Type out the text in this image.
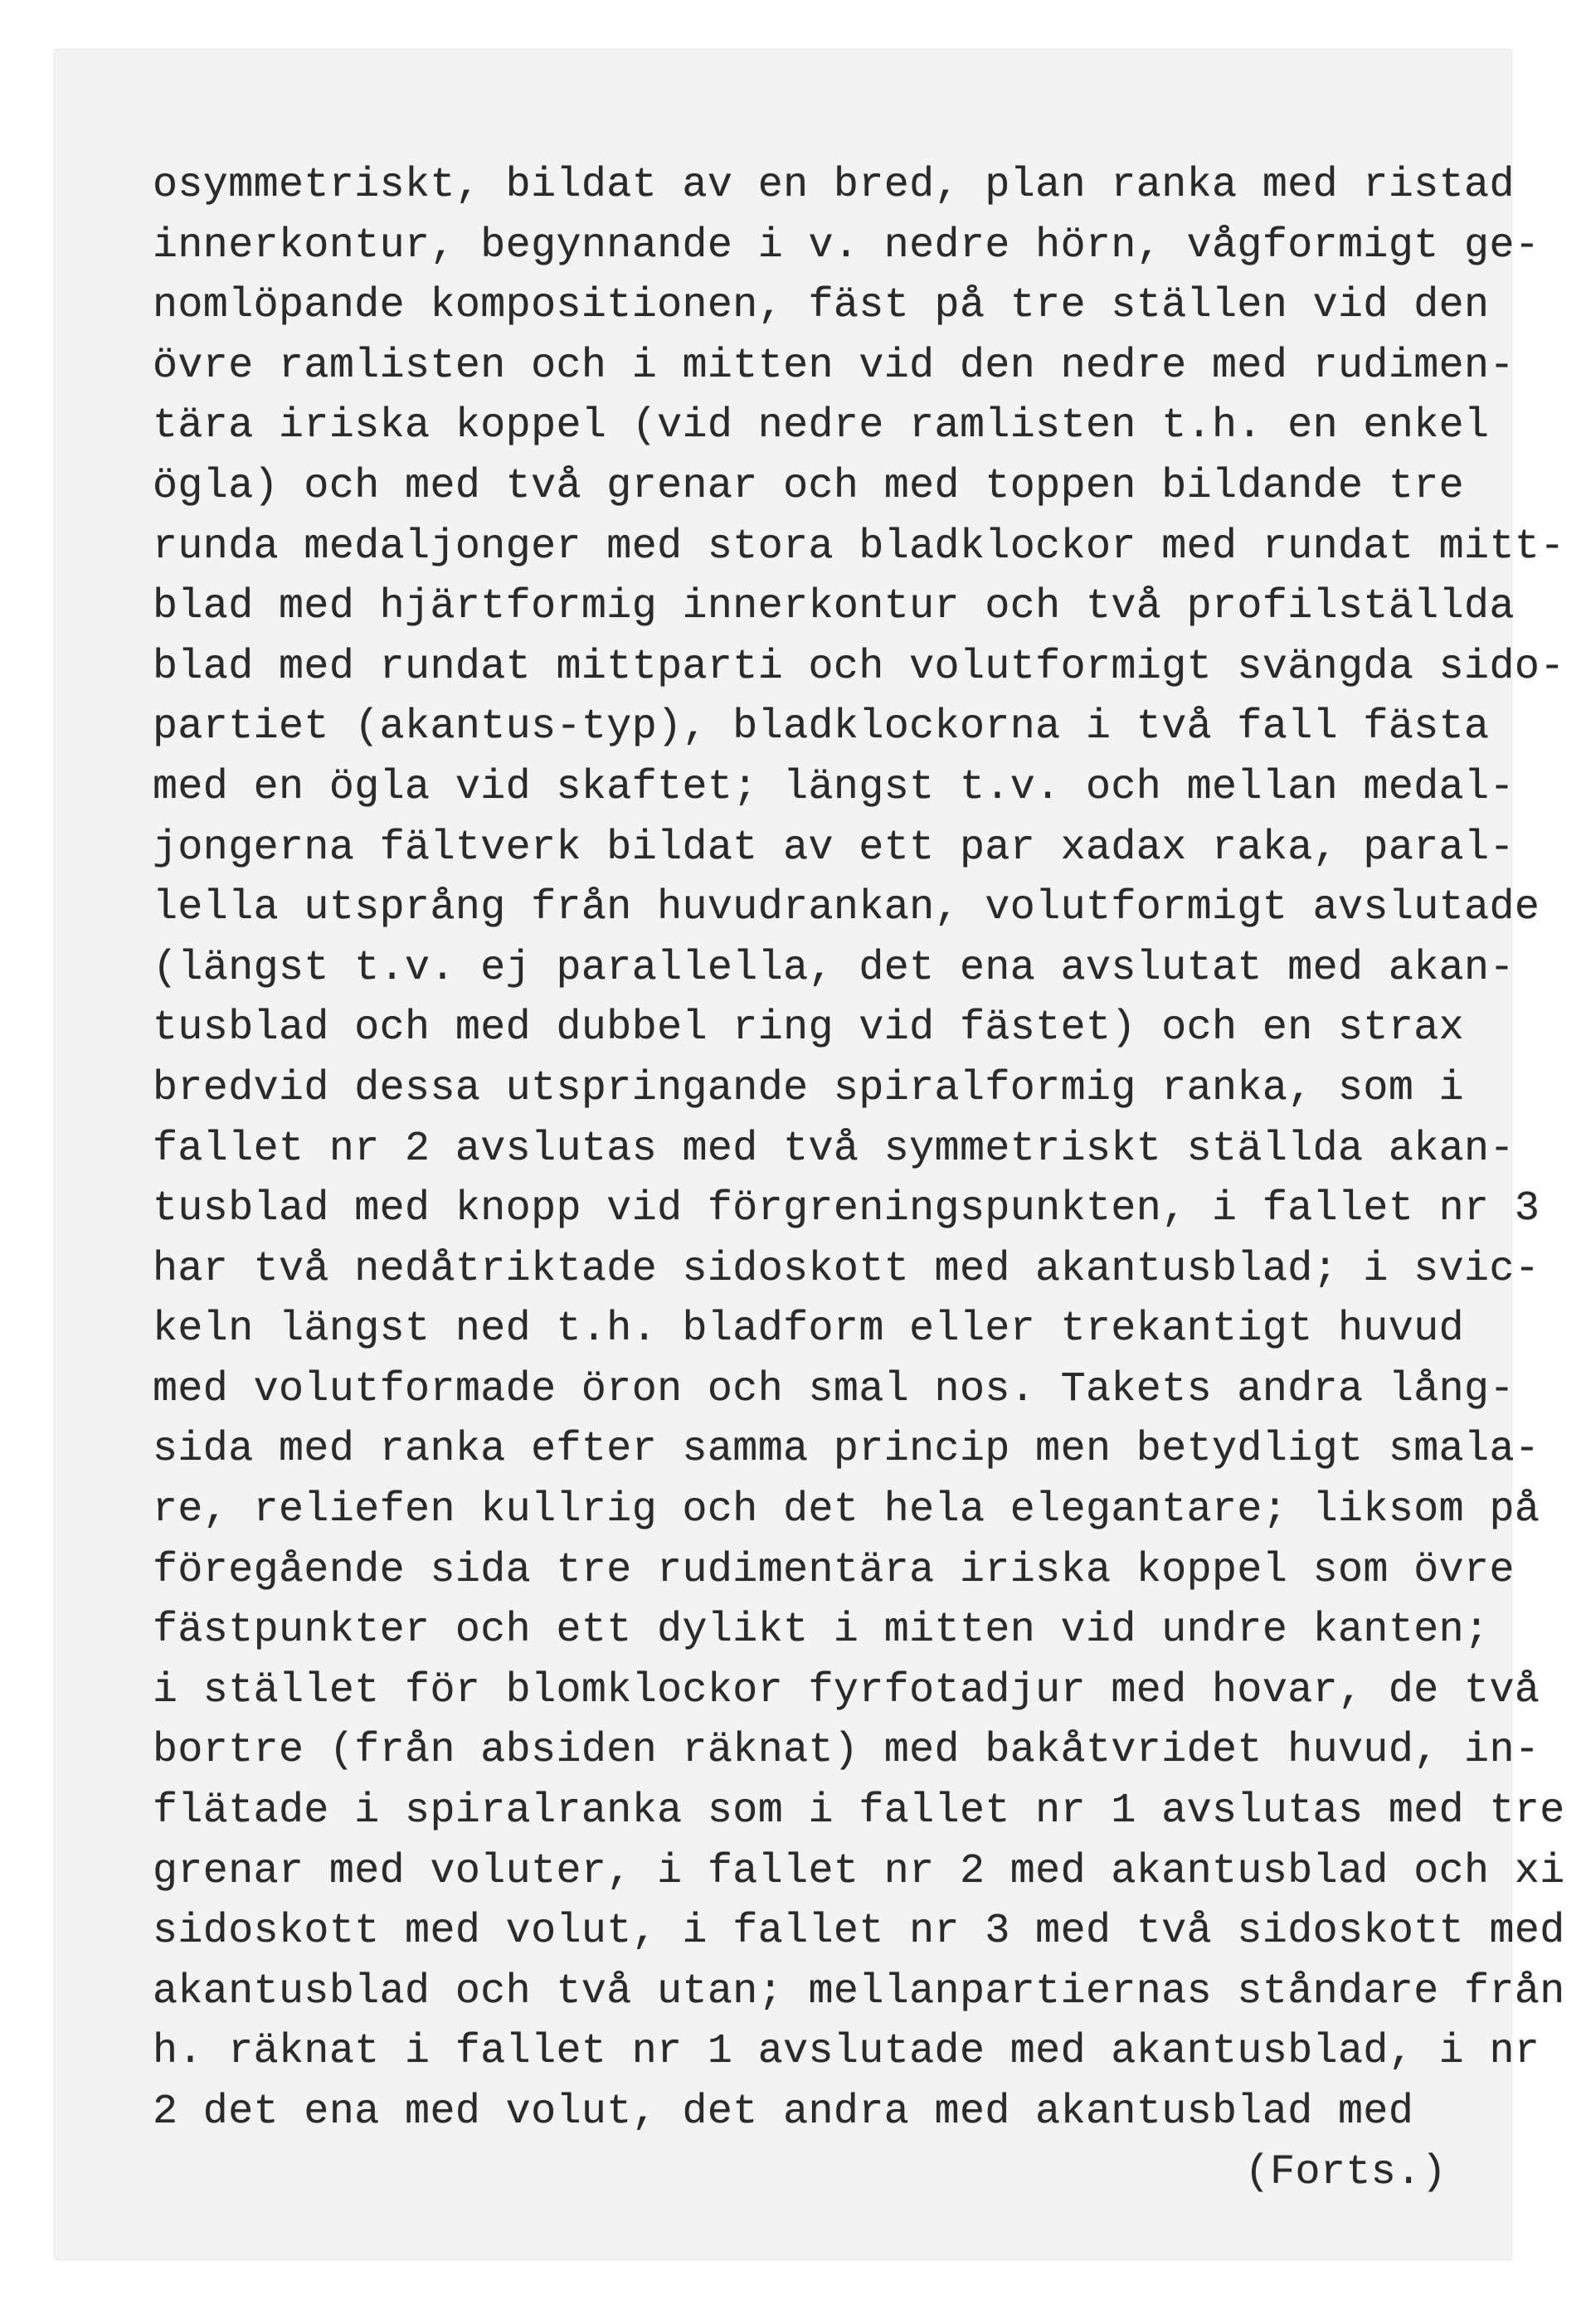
osymmetriskt, bildat av en bred, plan ranka med ristad
innerkontur, begynnande i v. nedre hörn, vågformigt ge-
nomlöpande kompositionen, fäst på tre ställen vid den
övre ramlisten och i mitten vid den nedre med rudimen-
tära iriska koppel (vid nedre ramlisten t.h. en enkel
ögla) och med två grenar och med toppen bildande tre
runda medaljonger med stora bladklockor med rundat mitt-
blad med hjärtformig innerkontur och två profilställda
blad med rundat mittparti och volutformigt svängda sido-
partiet (akantus-typ), bladklockorna i två fall fästa
med en ögla vid skaftet; längst t.v. och mellan medal-
jongerna fältverk bildat av ett par xadax raka, paral-
lella utsprång från huvudrankan, volutformigt avslutade
(längst t.v. ej parallella, det ena avslutat med akan-
tusblad och med dubbel ring vid fästet) och en strax
bredvid dessa utspringande spiralformig ranka, som i
fallet nr 2 avslutas med två symmetriskt ställda akan-
tusblad med knopp vid förgreningspunkten, i fallet nr 3
har två nedåtriktade sidoskott med akantusblad; i svic-
keln längst ned t.h. bladform eller trekantigt huvud
med volutformade öron och smal nos. Takets andra lång-
sida med ranka efter samma princip men betydligt smala-
re, reliefen kullrig och det hela elegantare; liksom på
föregående sida tre rudimentära iriska koppel som övre
fästpunkter och ett dylikt i mitten vid undre kanten;
i stället för blomklockor fyrfotadjur med hovar, de två
bortre (från absiden räknat) med bakåtvridet huvud, in-
flätade i spiralranka som i fallet nr 1 avslutas med tre
grenar med voluter, i fallet nr 2 med akantusblad och xi
sidoskott med volut, i fallet nr 3 med två sidoskott med
akantusblad och två utan; mellanpartiernas ståndare från
h. räknat i fallet nr 1 avslutade med akantusblad, i nr
2 det ena med volut, det andra med akantusblad med
(Forts.)
